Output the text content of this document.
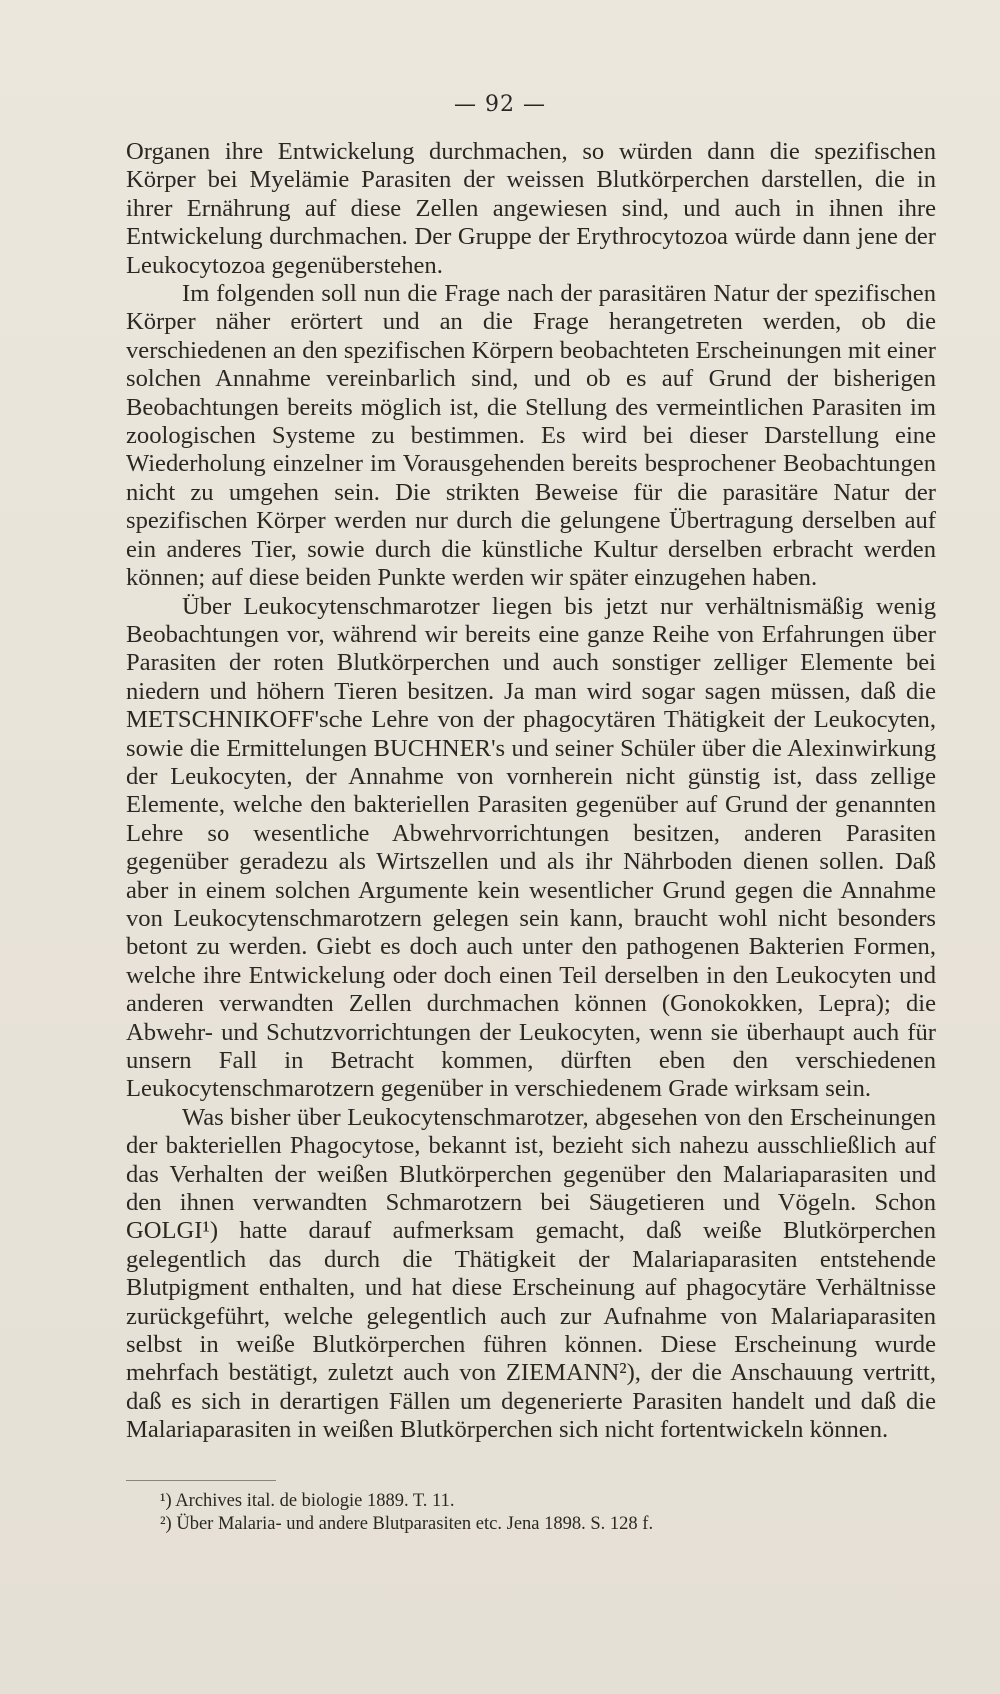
— 92 —

Organen ihre Entwickelung durchmachen, so würden dann die spezifischen Körper bei Myelämie Parasiten der weissen Blutkörperchen darstellen, die in ihrer Ernährung auf diese Zellen angewiesen sind, und auch in ihnen ihre Entwickelung durchmachen. Der Gruppe der Erythrocytozoa würde dann jene der Leukocytozoa gegenüberstehen.

Im folgenden soll nun die Frage nach der parasitären Natur der spezifischen Körper näher erörtert und an die Frage herangetreten werden, ob die verschiedenen an den spezifischen Körpern beobachteten Erscheinungen mit einer solchen Annahme vereinbarlich sind, und ob es auf Grund der bisherigen Beobachtungen bereits möglich ist, die Stellung des vermeintlichen Parasiten im zoologischen Systeme zu bestimmen. Es wird bei dieser Darstellung eine Wiederholung einzelner im Vorausgehenden bereits besprochener Beobachtungen nicht zu umgehen sein. Die strikten Beweise für die parasitäre Natur der spezifischen Körper werden nur durch die gelungene Übertragung derselben auf ein anderes Tier, sowie durch die künstliche Kultur derselben erbracht werden können; auf diese beiden Punkte werden wir später einzugehen haben.

Über Leukocytenschmarotzer liegen bis jetzt nur verhältnismäßig wenig Beobachtungen vor, während wir bereits eine ganze Reihe von Erfahrungen über Parasiten der roten Blutkörperchen und auch sonstiger zelliger Elemente bei niedern und höhern Tieren besitzen. Ja man wird sogar sagen müssen, daß die METSCHNIKOFF'sche Lehre von der phagocytären Thätigkeit der Leukocyten, sowie die Ermittelungen BUCHNER's und seiner Schüler über die Alexinwirkung der Leukocyten, der Annahme von vornherein nicht günstig ist, dass zellige Elemente, welche den bakteriellen Parasiten gegenüber auf Grund der genannten Lehre so wesentliche Abwehrvorrichtungen besitzen, anderen Parasiten gegenüber geradezu als Wirtszellen und als ihr Nährboden dienen sollen. Daß aber in einem solchen Argumente kein wesentlicher Grund gegen die Annahme von Leukocytenschmarotzern gelegen sein kann, braucht wohl nicht besonders betont zu werden. Giebt es doch auch unter den pathogenen Bakterien Formen, welche ihre Entwickelung oder doch einen Teil derselben in den Leukocyten und anderen verwandten Zellen durchmachen können (Gonokokken, Lepra); die Abwehr- und Schutzvorrichtungen der Leukocyten, wenn sie überhaupt auch für unsern Fall in Betracht kommen, dürften eben den verschiedenen Leukocytenschmarotzern gegenüber in verschiedenem Grade wirksam sein.

Was bisher über Leukocytenschmarotzer, abgesehen von den Erscheinungen der bakteriellen Phagocytose, bekannt ist, bezieht sich nahezu ausschließlich auf das Verhalten der weißen Blutkörperchen gegenüber den Malariaparasiten und den ihnen verwandten Schmarotzern bei Säugetieren und Vögeln. Schon GOLGI¹) hatte darauf aufmerksam gemacht, daß weiße Blutkörperchen gelegentlich das durch die Thätigkeit der Malariaparasiten entstehende Blutpigment enthalten, und hat diese Erscheinung auf phagocytäre Verhältnisse zurückgeführt, welche gelegentlich auch zur Aufnahme von Malariaparasiten selbst in weiße Blutkörperchen führen können. Diese Erscheinung wurde mehrfach bestätigt, zuletzt auch von ZIEMANN²), der die Anschauung vertritt, daß es sich in derartigen Fällen um degenerierte Parasiten handelt und daß die Malariaparasiten in weißen Blutkörperchen sich nicht fortentwickeln können.

¹) Archives ital. de biologie 1889. T. 11.
²) Über Malaria- und andere Blutparasiten etc. Jena 1898. S. 128 f.
